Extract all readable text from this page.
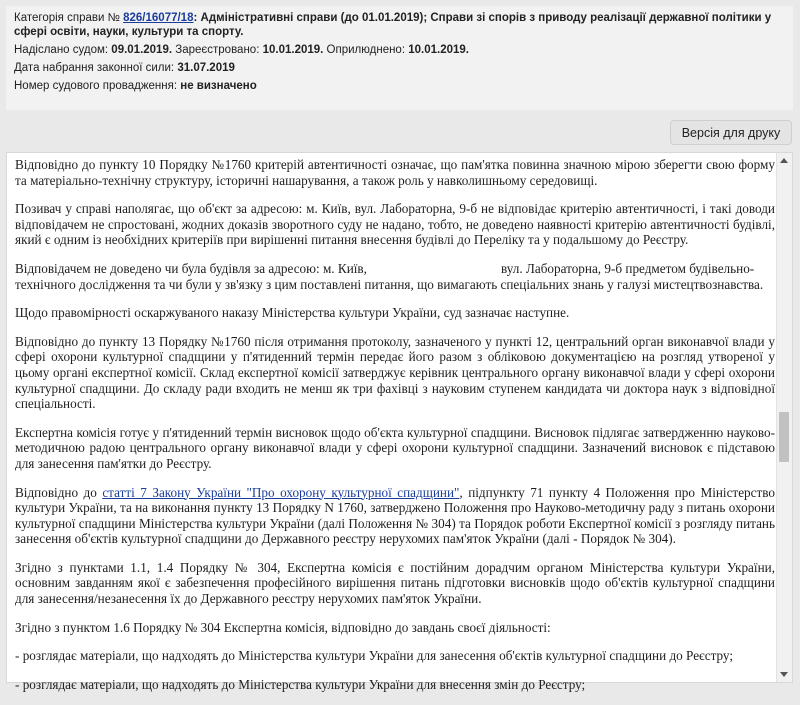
Категорія справи № 826/16077/18: Адміністративні справи (до 01.01.2019); Справи зі спорів з приводу реалізації державної політики у сфері освіти, науки, культури та спорту.
Надіслано судом: 09.01.2019. Зареєстровано: 10.01.2019. Оприлюднено: 10.01.2019.
Дата набрання законної сили: 31.07.2019
Номер судового провадження: не визначено
Версія для друку

Відповідно до пункту 10 Порядку №1760 критерій автентичності означає, що пам'ятка повинна значною мірою зберегти свою форму та матеріально-технічну структуру, історичні нашарування, а також роль у навколишньому середовищі.

Позивач у справі наполягає, що об'єкт за адресою: м. Київ, вул. Лабораторна, 9-б не відповідає критерію автентичності, і такі доводи відповідачем не спростовані, жодних доказів зворотного суду не надано, тобто, не доведено наявності критерію автентичності будівлі, який є одним із необхідних критеріїв при вирішенні питання внесення будівлі до Переліку та у подальшому до Реєстру.

Відповідачем не доведено чи була будівля за адресою: м. Київ,	вул. Лабораторна, 9-б предметом будівельно-технічного дослідження та чи були у зв'язку з цим поставлені питання, що вимагають спеціальних знань у галузі мистецтвознавства.

Щодо правомірності оскаржуваного наказу Міністерства культури України, суд зазначає наступне.

Відповідно до пункту 13 Порядку №1760 після отримання протоколу, зазначеного у пункті 12, центральний орган виконавчої влади у сфері охорони культурної спадщини у п'ятиденний термін передає його разом з обліковою документацією на розгляд утвореної у цьому органі експертної комісії. Склад експертної комісії затверджує керівник центрального органу виконавчої влади у сфері охорони культурної спадщини. До складу ради входить не менш як три фахівці з науковим ступенем кандидата чи доктора наук з відповідної спеціальності.

Експертна комісія готує у п'ятиденний термін висновок щодо об'єкта культурної спадщини. Висновок підлягає затвердженню науково-методичною радою центрального органу виконавчої влади у сфері охорони культурної спадщини. Зазначений висновок є підставою для занесення пам'ятки до Реєстру.

Відповідно до статті 7 Закону України "Про охорону культурної спадщини", підпункту 71 пункту 4 Положення про Міністерство культури України, та на виконання пункту 13 Порядку N 1760, затверджено Положення про Науково-методичну раду з питань охорони культурної спадщини Міністерства культури України (далі Положення № 304) та Порядок роботи Експертної комісії з розгляду питань занесення об'єктів культурної спадщини до Державного реєстру нерухомих пам'яток України (далі - Порядок № 304).

Згідно з пунктами 1.1, 1.4 Порядку № 304, Експертна комісія є постійним дорадчим органом Міністерства культури України, основним завданням якої є забезпечення професійного вирішення питань підготовки висновків щодо об'єктів культурної спадщини для занесення/незанесення їх до Державного реєстру нерухомих пам'яток України.

Згідно з пунктом 1.6 Порядку № 304 Експертна комісія, відповідно до завдань своєї діяльності:

- розглядає матеріали, що надходять до Міністерства культури України для занесення об'єктів культурної спадщини до Реєстру;

- розглядає матеріали, що надходять до Міністерства культури України для внесення змін до Реєстру;
